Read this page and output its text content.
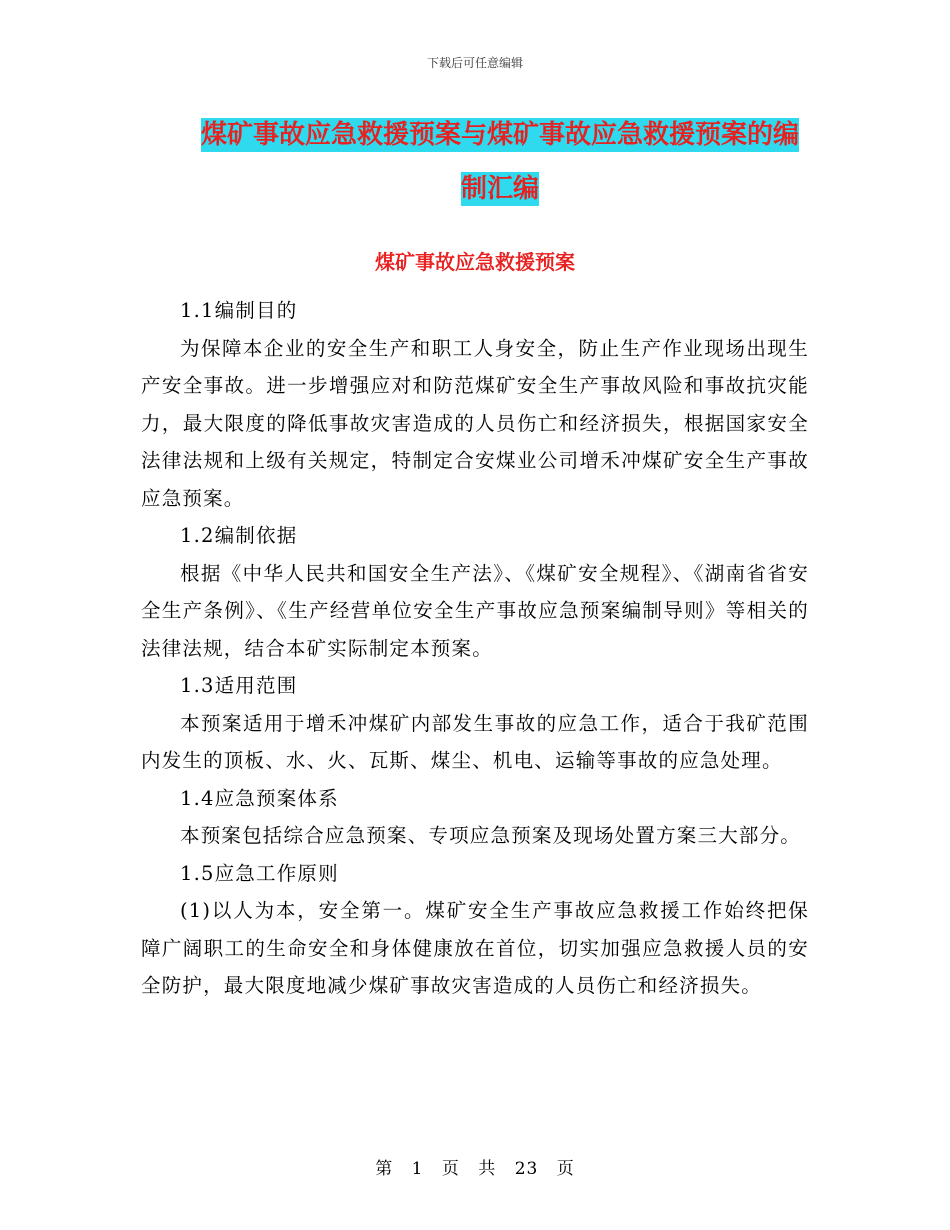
下载后可任意编辑
煤矿事故应急救援预案与煤矿事故应急救援预案的编
制汇编
煤矿事故应急救援预案

1.1编制目的

为保障本企业的安全生产和职工人身安全，防止生产作业现场出现生产安全事故。进一步增强应对和防范煤矿安全生产事故风险和事故抗灾能力，最大限度的降低事故灾害造成的人员伤亡和经济损失，根据国家安全法律法规和上级有关规定，特制定合安煤业公司增禾冲煤矿安全生产事故应急预案。

1.2编制依据

根据《中华人民共和国安全生产法》、《煤矿安全规程》、《湖南省省安全生产条例》、《生产经营单位安全生产事故应急预案编制导则》等相关的法律法规，结合本矿实际制定本预案。

1.3适用范围

本预案适用于增禾冲煤矿内部发生事故的应急工作，适合于我矿范围内发生的顶板、水、火、瓦斯、煤尘、机电、运输等事故的应急处理。

1.4应急预案体系

本预案包括综合应急预案、专项应急预案及现场处置方案三大部分。

1.5应急工作原则

(1)以人为本，安全第一。煤矿安全生产事故应急救援工作始终把保障广阔职工的生命安全和身体健康放在首位，切实加强应急救援人员的安全防护，最大限度地减少煤矿事故灾害造成的人员伤亡和经济损失。

第 1 页 共 23 页
